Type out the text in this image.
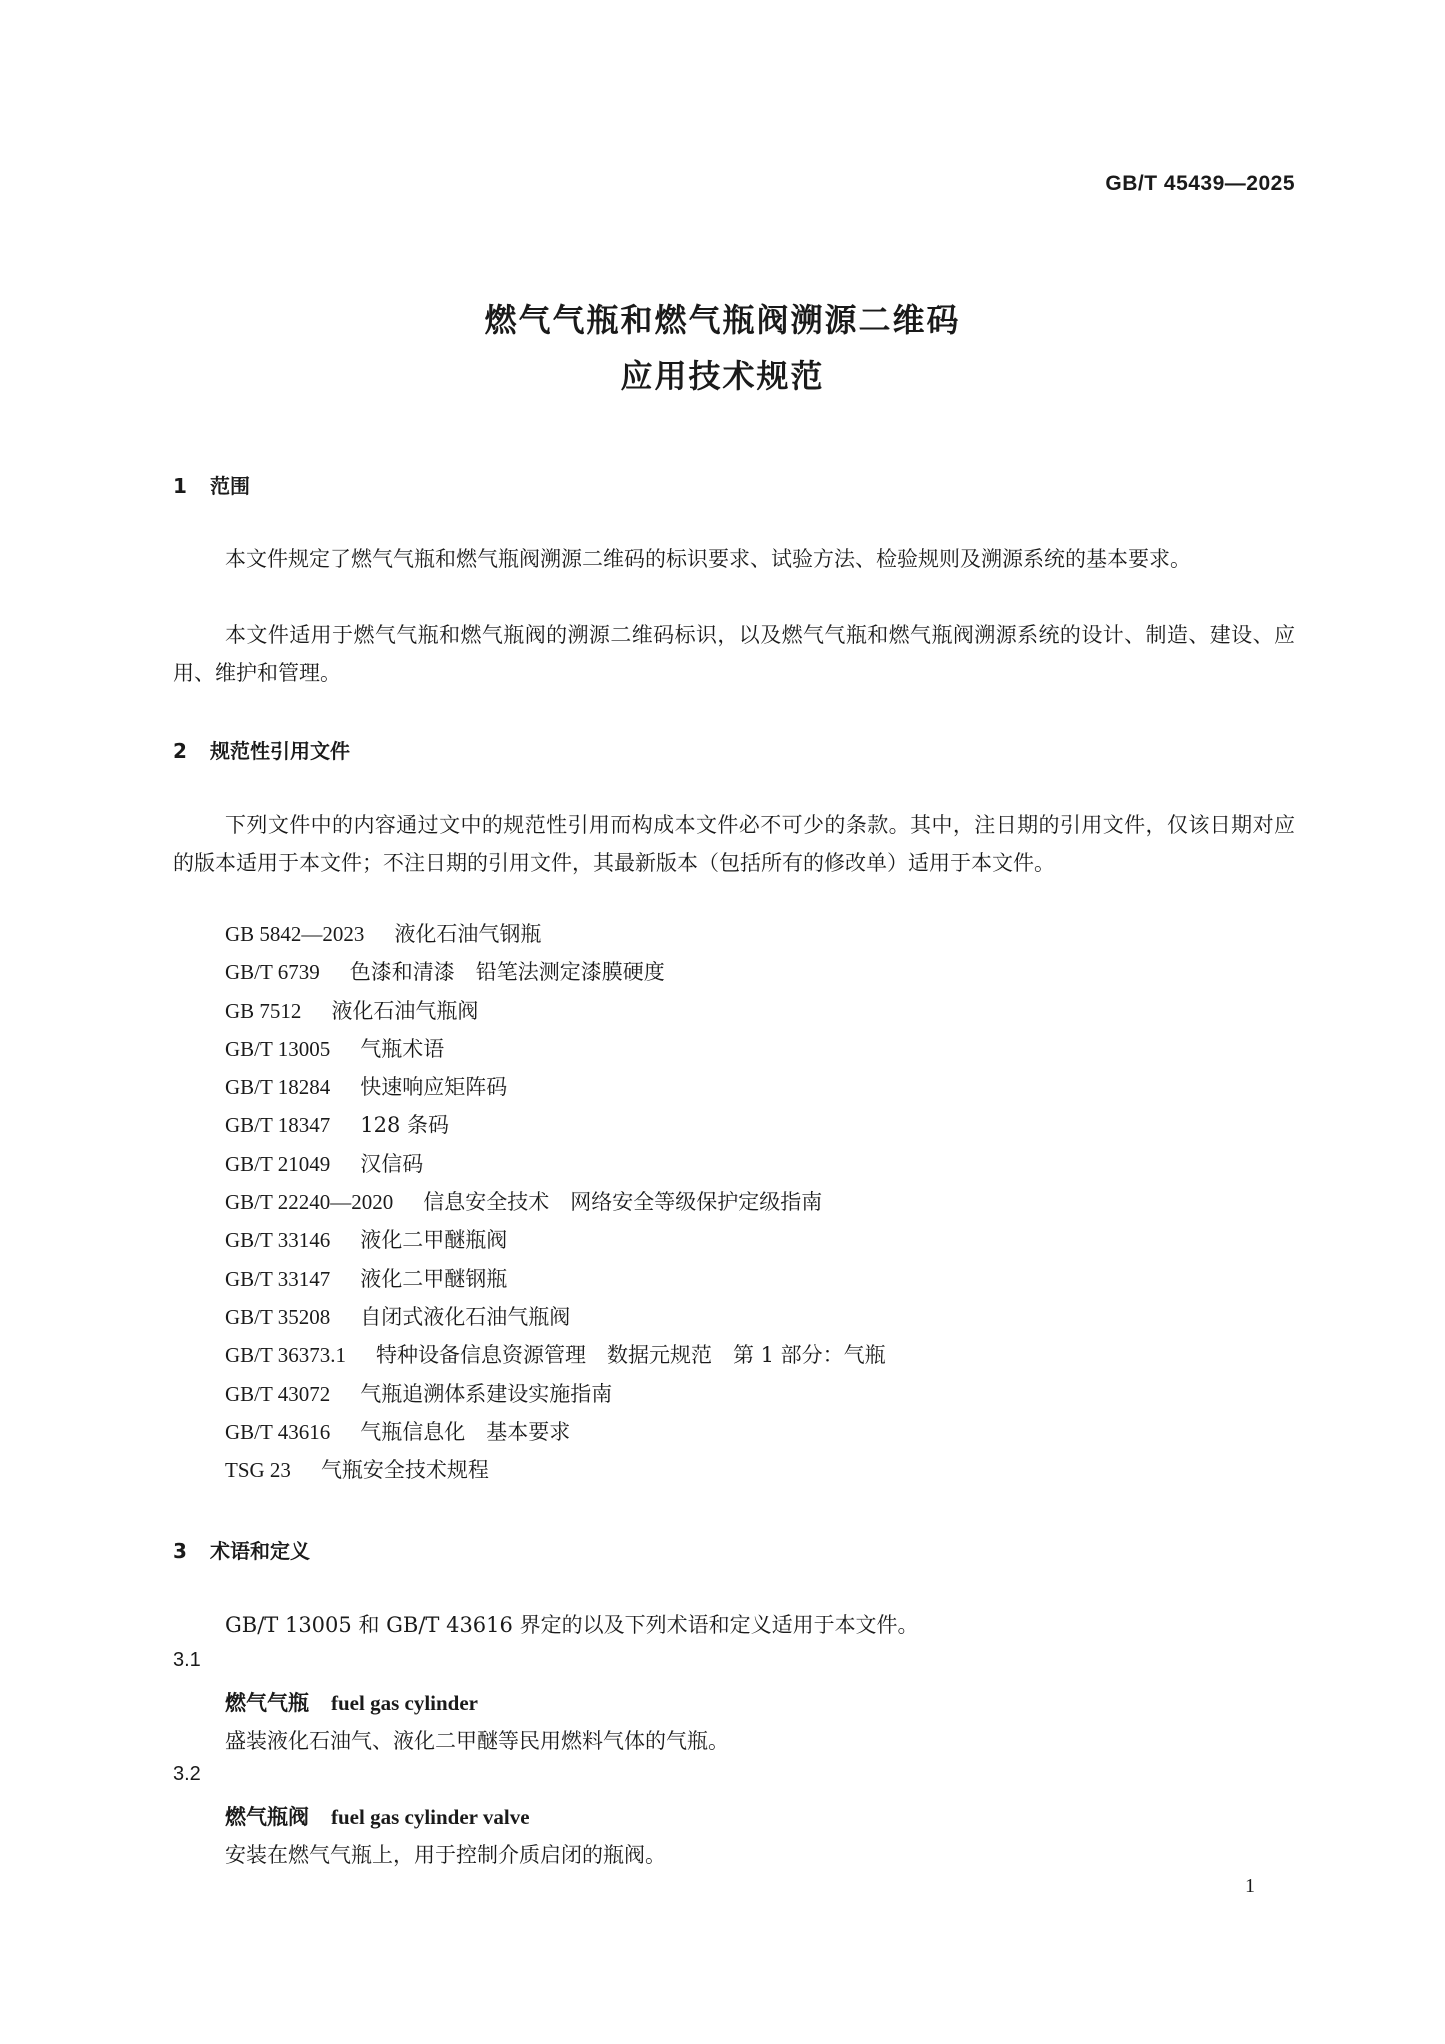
GB/T 45439—2025
燃气气瓶和燃气瓶阀溯源二维码
应用技术规范
1 范围
本文件规定了燃气气瓶和燃气瓶阀溯源二维码的标识要求、试验方法、检验规则及溯源系统的基本要求。
本文件适用于燃气气瓶和燃气瓶阀的溯源二维码标识，以及燃气气瓶和燃气瓶阀溯源系统的设计、制造、建设、应用、维护和管理。
2 规范性引用文件
下列文件中的内容通过文中的规范性引用而构成本文件必不可少的条款。其中，注日期的引用文件，仅该日期对应的版本适用于本文件；不注日期的引用文件，其最新版本（包括所有的修改单）适用于本文件。
GB 5842—2023 液化石油气钢瓶
GB/T 6739 色漆和清漆　铅笔法测定漆膜硬度
GB 7512 液化石油气瓶阀
GB/T 13005 气瓶术语
GB/T 18284 快速响应矩阵码
GB/T 18347 128 条码
GB/T 21049 汉信码
GB/T 22240—2020 信息安全技术　网络安全等级保护定级指南
GB/T 33146 液化二甲醚瓶阀
GB/T 33147 液化二甲醚钢瓶
GB/T 35208 自闭式液化石油气瓶阀
GB/T 36373.1 特种设备信息资源管理　数据元规范　第 1 部分：气瓶
GB/T 43072 气瓶追溯体系建设实施指南
GB/T 43616 气瓶信息化　基本要求
TSG 23 气瓶安全技术规程
3 术语和定义
GB/T 13005 和 GB/T 43616 界定的以及下列术语和定义适用于本文件。
3.1
燃气气瓶 fuel gas cylinder
盛装液化石油气、液化二甲醚等民用燃料气体的气瓶。
3.2
燃气瓶阀 fuel gas cylinder valve
安装在燃气气瓶上，用于控制介质启闭的瓶阀。
1
